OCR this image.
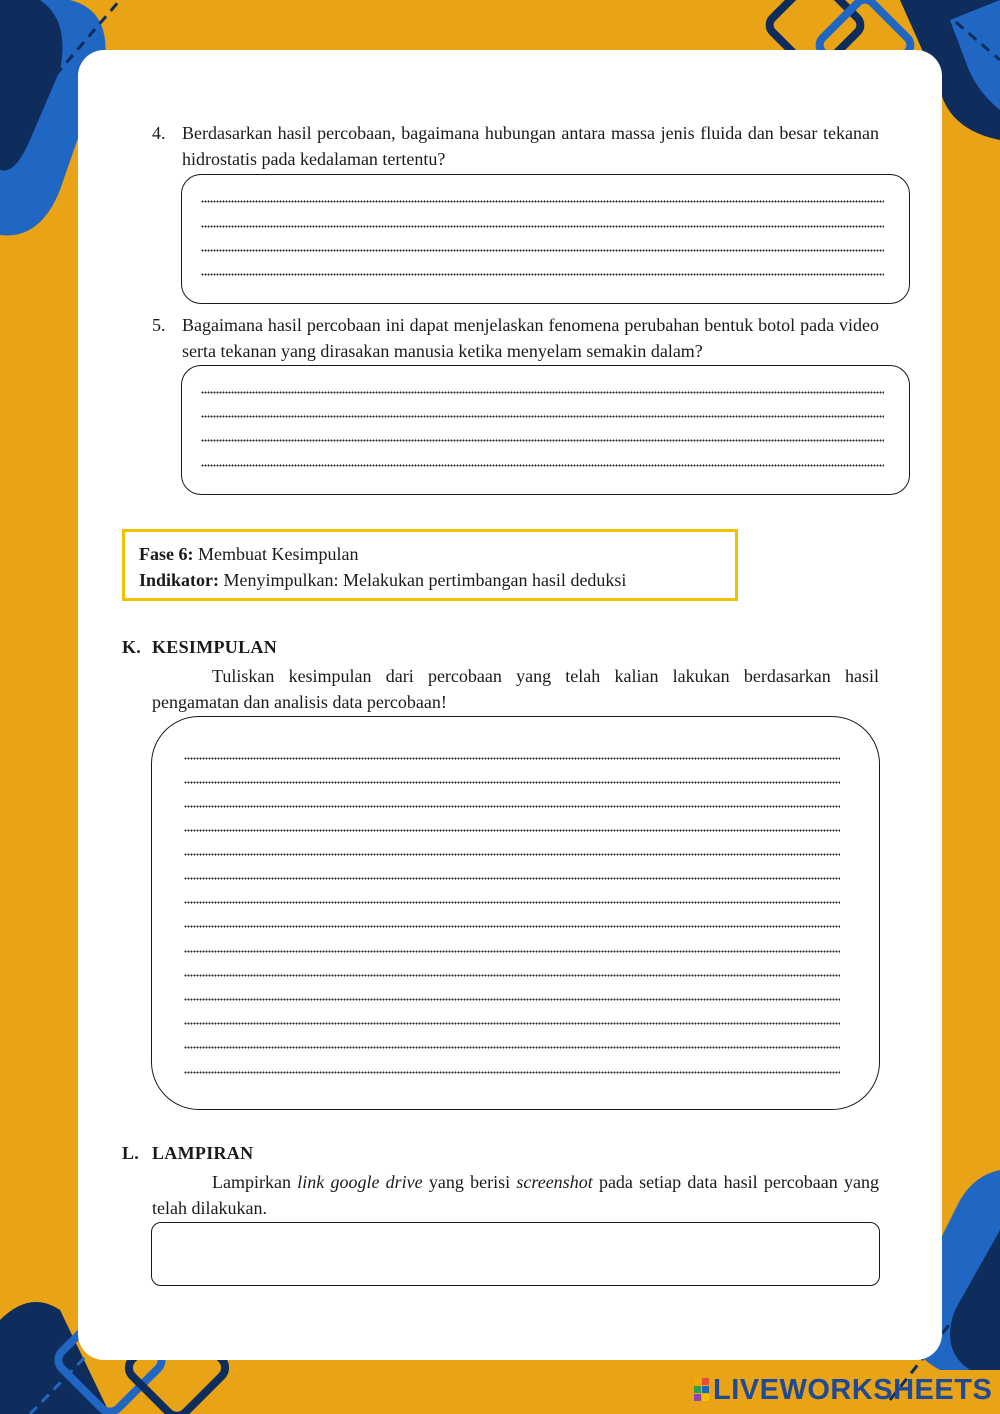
4. Berdasarkan hasil percobaan, bagaimana hubungan antara massa jenis fluida dan besar tekanan hidrostatis pada kedalaman tertentu?
5. Bagaimana hasil percobaan ini dapat menjelaskan fenomena perubahan bentuk botol pada video serta tekanan yang dirasakan manusia ketika menyelam semakin dalam?
Fase 6: Membuat Kesimpulan
Indikator: Menyimpulkan: Melakukan pertimbangan hasil deduksi
K. KESIMPULAN
Tuliskan kesimpulan dari percobaan yang telah kalian lakukan berdasarkan hasil pengamatan dan analisis data percobaan!
L. LAMPIRAN
Lampirkan link google drive yang berisi screenshot pada setiap data hasil percobaan yang telah dilakukan.
LIVEWORKSHEETS
